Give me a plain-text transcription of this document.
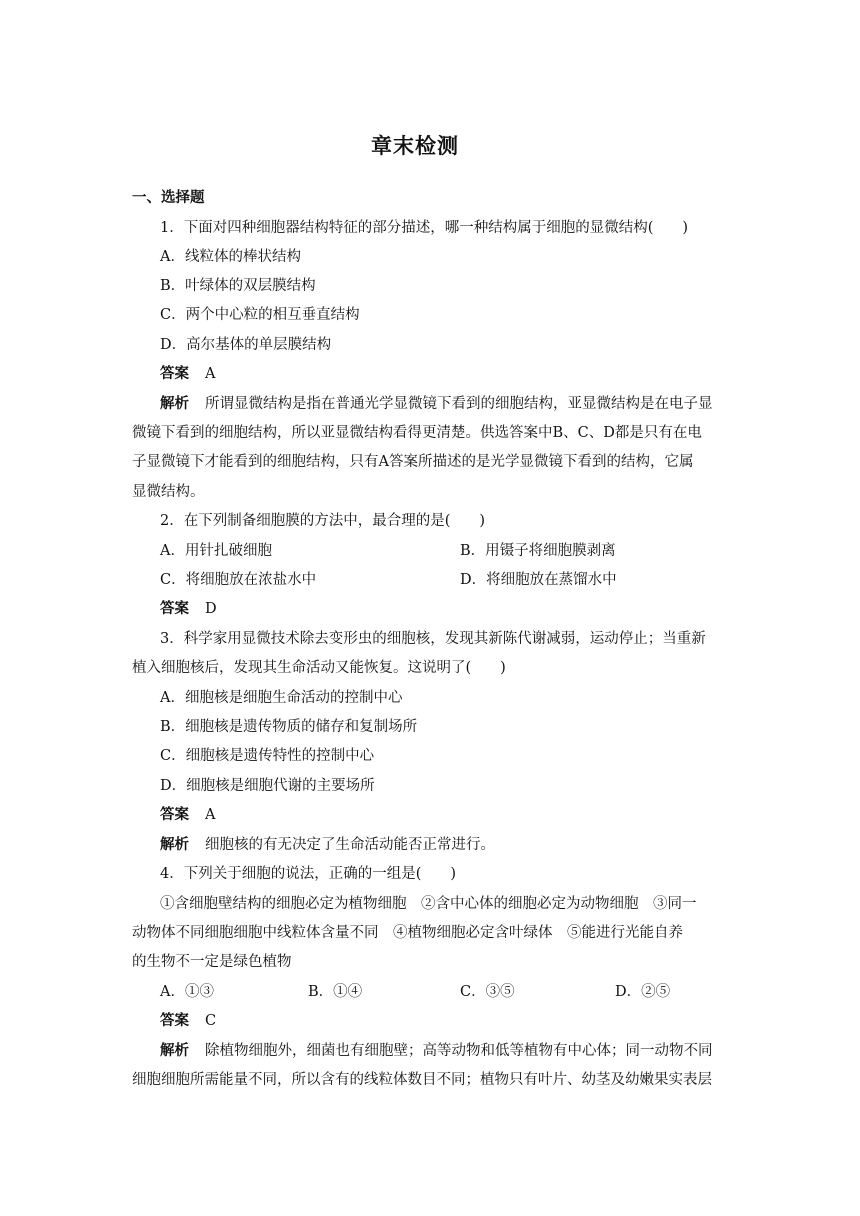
章末检测
一、选择题
1．下面对四种细胞器结构特征的部分描述，哪一种结构属于细胞的显微结构(　　)
A．线粒体的棒状结构
B．叶绿体的双层膜结构
C．两个中心粒的相互垂直结构
D．高尔基体的单层膜结构
答案 A
解析 所谓显微结构是指在普通光学显微镜下看到的细胞结构，亚显微结构是在电子显
微镜下看到的细胞结构，所以亚显微结构看得更清楚。供选答案中B、C、D都是只有在电
子显微镜下才能看到的细胞结构，只有A答案所描述的是光学显微镜下看到的结构，它属
显微结构。
2．在下列制备细胞膜的方法中，最合理的是(　　)
A．用针扎破细胞	B．用镊子将细胞膜剥离
C．将细胞放在浓盐水中	D．将细胞放在蒸馏水中
答案 D
3．科学家用显微技术除去变形虫的细胞核，发现其新陈代谢减弱，运动停止；当重新
植入细胞核后，发现其生命活动又能恢复。这说明了(　　)
A．细胞核是细胞生命活动的控制中心
B．细胞核是遗传物质的储存和复制场所
C．细胞核是遗传特性的控制中心
D．细胞核是细胞代谢的主要场所
答案 A
解析 细胞核的有无决定了生命活动能否正常进行。
4．下列关于细胞的说法，正确的一组是(　　)
①含细胞壁结构的细胞必定为植物细胞　②含中心体的细胞必定为动物细胞　③同一
动物体不同细胞细胞中线粒体含量不同　④植物细胞必定含叶绿体　⑤能进行光能自养
的生物不一定是绿色植物
A．①③	B．①④	C．③⑤	D．②⑤
答案 C
解析 除植物细胞外，细菌也有细胞壁；高等动物和低等植物有中心体；同一动物不同
细胞细胞所需能量不同，所以含有的线粒体数目不同；植物只有叶片、幼茎及幼嫩果实表层
